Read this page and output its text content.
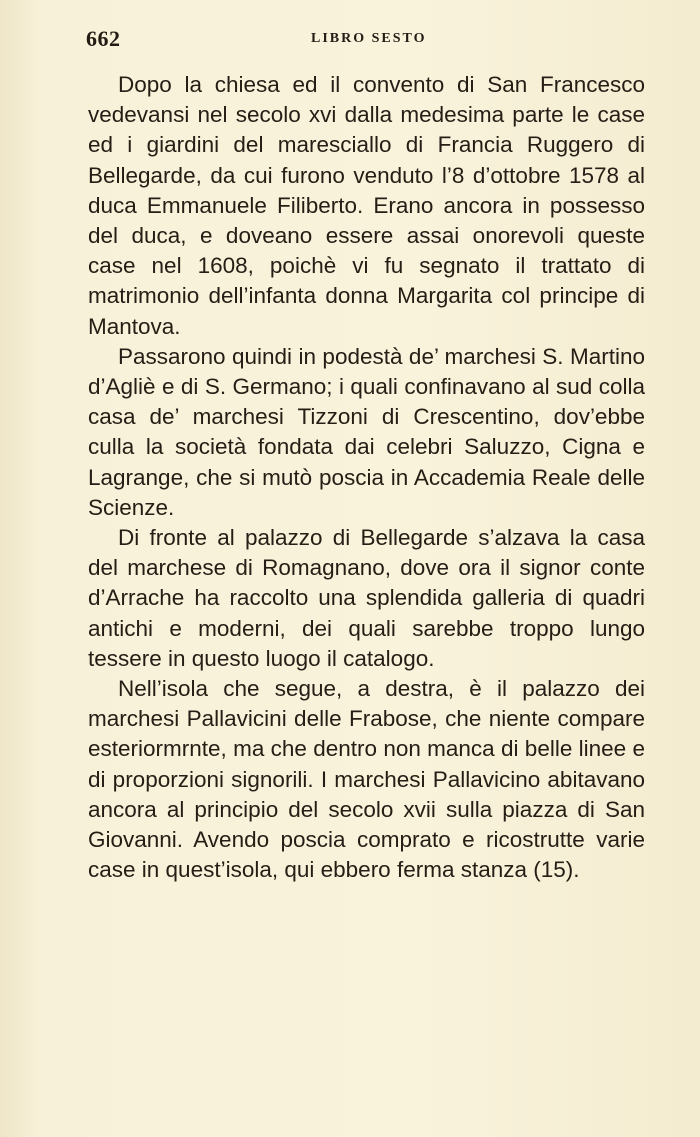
662	LIBRO SESTO

Dopo la chiesa ed il convento di San Francesco vedevansi nel secolo xvi dalla medesima parte le case ed i giardini del maresciallo di Francia Ruggero di Bellegarde, da cui furono venduto l’8 d’ottobre 1578 al duca Emmanuele Filiberto. Erano ancora in possesso del duca, e doveano essere assai onorevoli queste case nel 1608, poichè vi fu segnato il trattato di matrimonio dell’infanta donna Margarita col principe di Mantova.

Passarono quindi in podestà de’ marchesi S. Martino d’Agliè e di S. Germano; i quali confinavano al sud colla casa de’ marchesi Tizzoni di Crescentino, dov’ebbe culla la società fondata dai celebri Saluzzo, Cigna e Lagrange, che si mutò poscia in Accademia Reale delle Scienze.

Di fronte al palazzo di Bellegarde s’alzava la casa del marchese di Romagnano, dove ora il signor conte d’Arrache ha raccolto una splendida galleria di quadri antichi e moderni, dei quali sarebbe troppo lungo tessere in questo luogo il catalogo.

Nell’isola che segue, a destra, è il palazzo dei marchesi Pallavicini delle Frabose, che niente compare esteriormrnte, ma che dentro non manca di belle linee e di proporzioni signorili. I marchesi Pallavicino abitavano ancora al principio del secolo xvii sulla piazza di San Giovanni. Avendo poscia comprato e ricostrutte varie case in quest’isola, qui ebbero ferma stanza (15).
